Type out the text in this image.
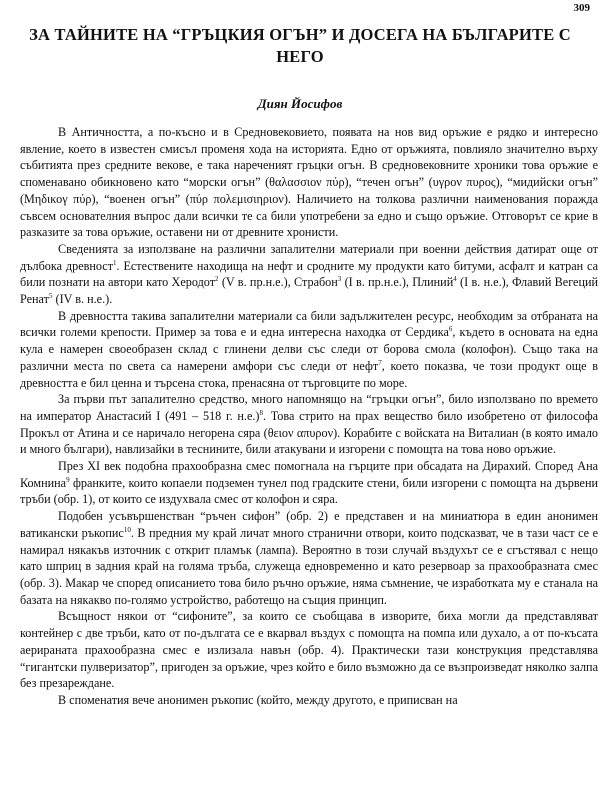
309
ЗА ТАЙНИТЕ НА “ГРЪЦКИЯ ОГЪН” И ДОСЕГА НА БЪЛГАРИТЕ С НЕГО
Диян Йосифов

В Античността, а по-късно и в Средновековието, появата на нов вид оръжие е рядко и интересно явление, което в известен смисъл променя хода на историята. Едно от оръжията, повлияло значително върху събитията през средните векове, е така нареченият гръцки огън. В средновековните хроники това оръжие е споменавано обикновено като “морски огън” (θαλασσιον πύρ), “течен огън” (υγρον πυρος), “мидийски огън” (Μηδικογ πύρ), “военен огън” (πύρ πολεμισιηριον). Наличието на толкова различни наименования поражда съвсем основателния въпрос дали всички те са били употребени за едно и също оръжие. Отговорът се крие в разказите за това оръжие, оставени ни от древните хронисти.

Сведенията за използване на различни запалителни материали при военни действия датират още от дълбока древност$^1$. Естествените находища на нефт и сродните му продукти като битуми, асфалт и катран са били познати на автори като Херодот$^2$ (V в. пр.н.е.), Страбон$^3$ (I в. пр.н.е.), Плиний$^4$ (I в. н.е.), Флавий Вегеций Ренат$^5$ (IV в. н.е.).

В древността такива запалителни материали са били задължителен ресурс, необходим за отбраната на всички големи крепости. Пример за това е и една интересна находка от Сердика$^6$, където в основата на една кула е намерен своеобразен склад с глинени делви със следи от борова смола (колофон). Също така на различни места по света са намерени амфори със следи от нефт$^7$, което показва, че този продукт още в древността е бил ценна и търсена стока, пренасяна от търговците по море.

За първи път запалително средство, много напомнящо на “гръцки огън”, било използвано по времето на император Анастасий I (491 – 518 г. н.е.)$^8$. Това стрито на прах вещество било изобретено от философа Прокъл от Атина и се наричало негорена сяра (θειον απυρον). Корабите с войската на Виталиан (в която имало и много българи), навлизайки в теснините, били атакувани и изгорени с помощта на това ново оръжие.

През XI век подобна прахообразна смес помогнала на гърците при обсадата на Дирахий. Според Ана Комнина$^9$ франките, които копаели подземен тунел под градските стени, били изгорени с помощта на дървени тръби (обр. 1), от които се издухвала смес от колофон и сяра.

Подобен усъвършенстван “ръчен сифон” (обр. 2) е представен и на миниатюра в един анонимен ватикански ръкопис$^{10}$. В предния му край личат много странични отвори, които подсказват, че в тази част се е намирал някакъв източник с открит пламък (лампа). Вероятно в този случай въздухът се е сгъстявал с нещо като шприц в задния край на голяма тръба, служеща едновременно и като резервоар за прахообразната смес (обр. 3). Макар че според описанието това било ръчно оръжие, няма съмнение, че изработката му е станала на базата на някакво по-голямо устройство, работещо на същия принцип.

Всъщност някои от “сифоните”, за които се съобщава в изворите, биха могли да представляват контейнер с две тръби, като от по-дългата се е вкарвал въздух с помощта на помпа или духало, а от по-късата аерираната прахообразна смес е излизала навън (обр. 4). Практически тази конструкция представлява “гигантски пулверизатор”, пригоден за оръжие, чрез който е било възможно да се възпроизведат няколко залпа без презареждане.

В споменатия вече анонимен ръкопис (който, между другото, е приписван на
